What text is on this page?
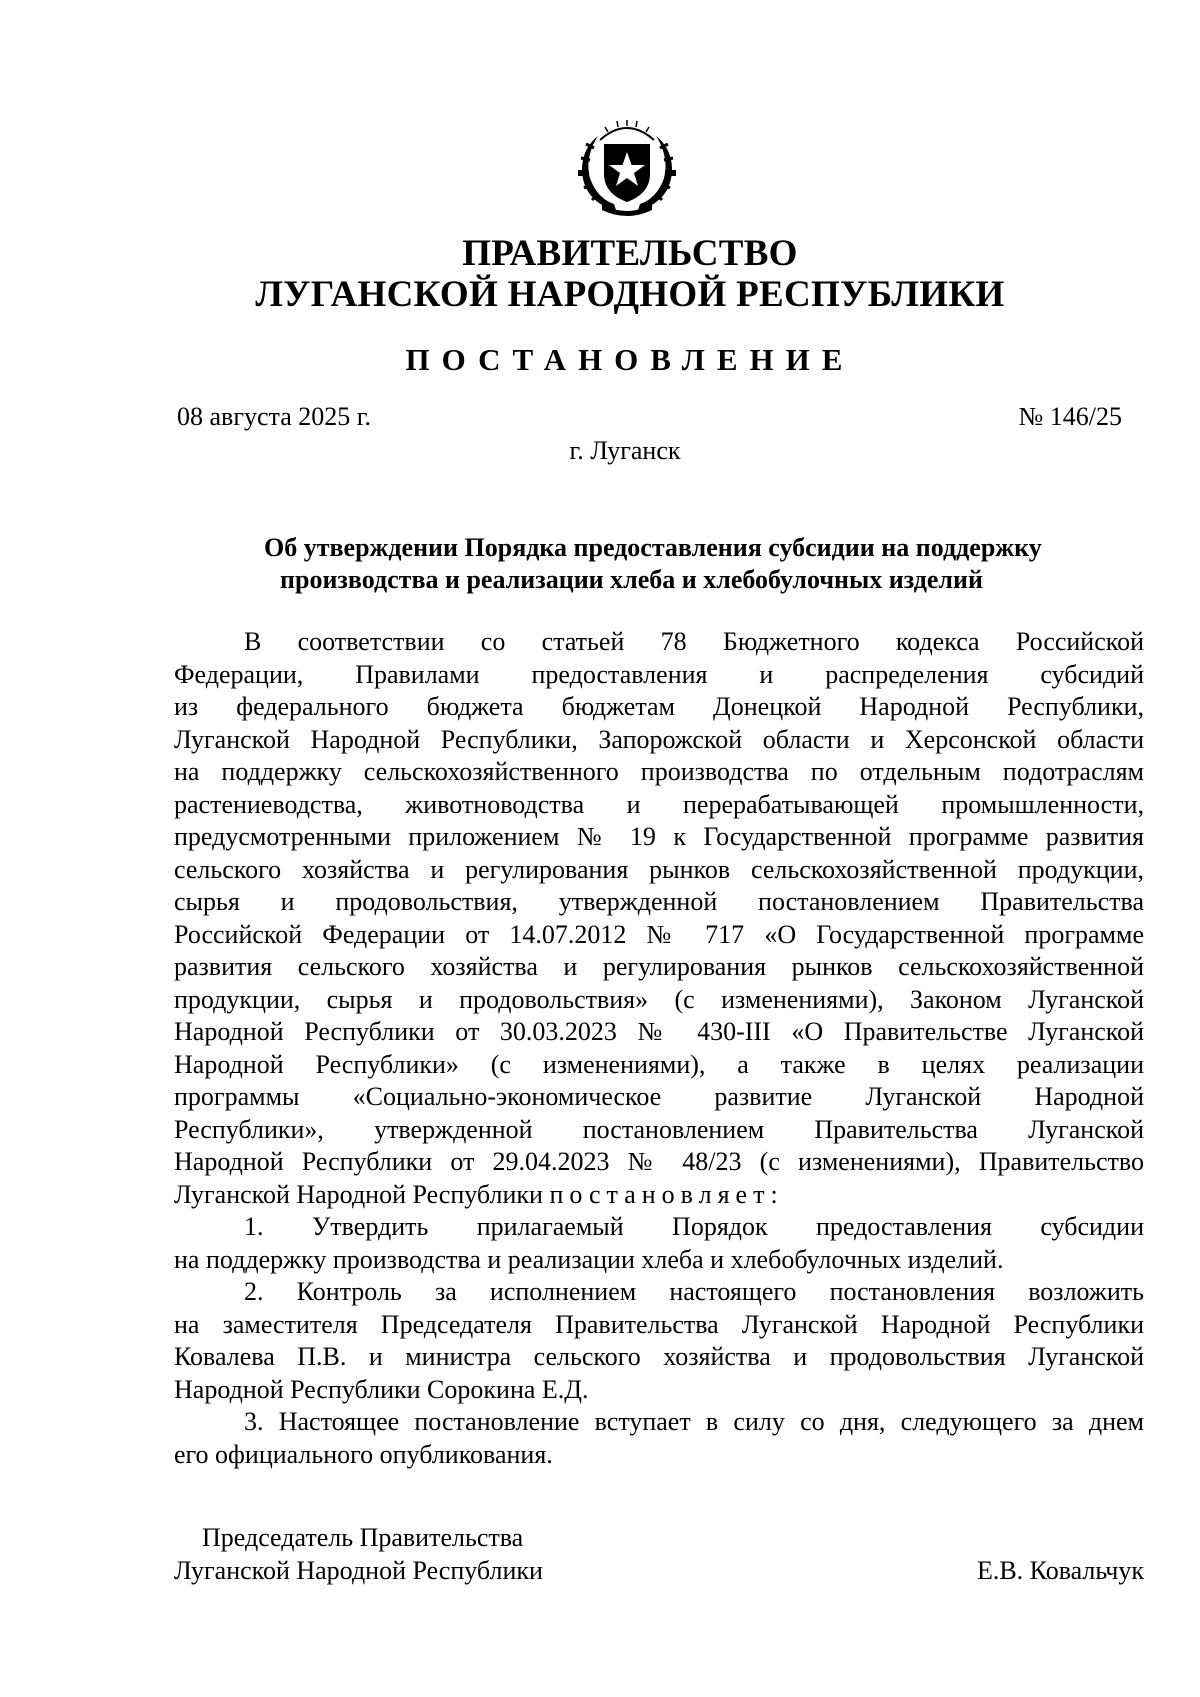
ПРАВИТЕЛЬСТВО
ЛУГАНСКОЙ НАРОДНОЙ РЕСПУБЛИКИ
ПОСТАНОВЛЕНИЕ
08 августа 2025 г.	№ 146/25
г. Луганск
Об утверждении Порядка предоставления субсидии на поддержку
производства и реализации хлеба и хлебобулочных изделий
В соответствии со статьей 78 Бюджетного кодекса Российской
Федерации, Правилами предоставления и распределения субсидий
из федерального бюджета бюджетам Донецкой Народной Республики,
Луганской Народной Республики, Запорожской области и Херсонской области
на поддержку сельскохозяйственного производства по отдельным подотраслям
растениеводства, животноводства и перерабатывающей промышленности,
предусмотренными приложением № 19 к Государственной программе развития
сельского хозяйства и регулирования рынков сельскохозяйственной продукции,
сырья и продовольствия, утвержденной постановлением Правительства
Российской Федерации от 14.07.2012 № 717 «О Государственной программе
развития сельского хозяйства и регулирования рынков сельскохозяйственной
продукции, сырья и продовольствия» (с изменениями), Законом Луганской
Народной Республики от 30.03.2023 № 430-III «О Правительстве Луганской
Народной Республики» (с изменениями), а также в целях реализации
программы «Социально-экономическое развитие Луганской Народной
Республики», утвержденной постановлением Правительства Луганской
Народной Республики от 29.04.2023 № 48/23 (с изменениями), Правительство
Луганской Народной Республики постановляет:
1. Утвердить прилагаемый Порядок предоставления субсидии
на поддержку производства и реализации хлеба и хлебобулочных изделий.
2. Контроль за исполнением настоящего постановления возложить
на заместителя Председателя Правительства Луганской Народной Республики
Ковалева П.В. и министра сельского хозяйства и продовольствия Луганской
Народной Республики Сорокина Е.Д.
3. Настоящее постановление вступает в силу со дня, следующего за днем
его официального опубликования.
Председатель Правительства
Луганской Народной Республики	Е.В. Ковальчук
